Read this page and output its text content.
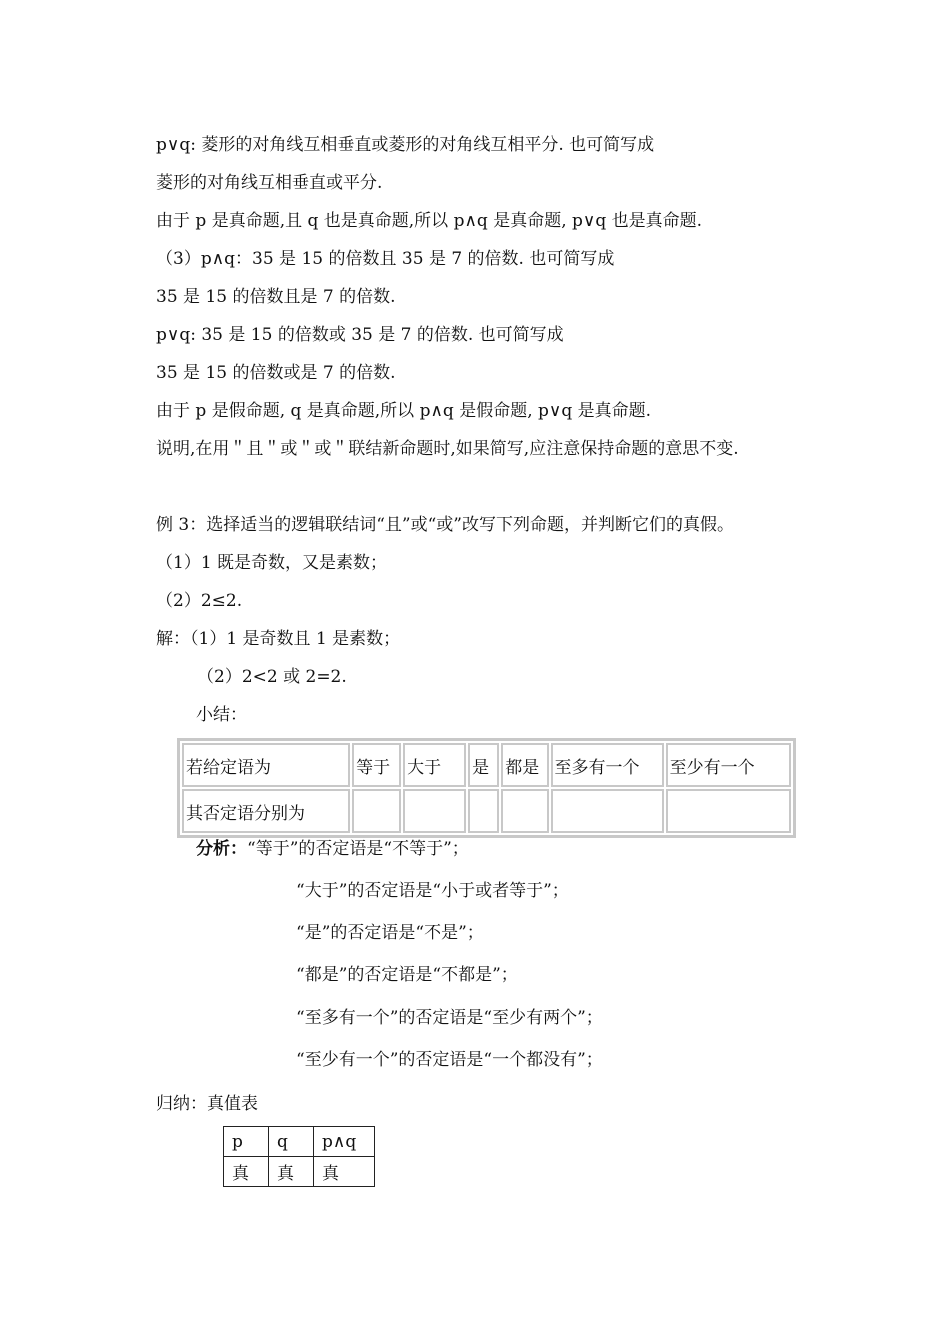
p∨q: 菱形的对角线互相垂直或菱形的对角线互相平分. 也可简写成
菱形的对角线互相垂直或平分.
由于 p 是真命题,且 q 也是真命题,所以 p∧q 是真命题, p∨q 也是真命题.
（3）p∧q：35 是 15 的倍数且 35 是 7 的倍数. 也可简写成
35 是 15 的倍数且是 7 的倍数.
p∨q: 35 是 15 的倍数或 35 是 7 的倍数. 也可简写成
35 是 15 的倍数或是 7 的倍数.
由于 p 是假命题, q 是真命题,所以 p∧q 是假命题, p∨q 是真命题.
说明,在用＂且＂或＂或＂联结新命题时,如果简写,应注意保持命题的意思不变.
例 3：选择适当的逻辑联结词“且”或“或”改写下列命题，并判断它们的真假。
（1）1 既是奇数，又是素数；
（2）2≤2.
解：（1）1 是奇数且 1 是素数；
（2）2<2 或 2=2.
小结：
若给定语为	等于	大于	是	都是	至多有一个	至少有一个
其否定语分别为						
分析：“等于”的否定语是“不等于”；
“大于”的否定语是“小于或者等于”；
“是”的否定语是“不是”；
“都是”的否定语是“不都是”；
“至多有一个”的否定语是“至少有两个”；
“至少有一个”的否定语是“一个都没有”；
归纳：真值表
p	q	p∧q
真	真	真
